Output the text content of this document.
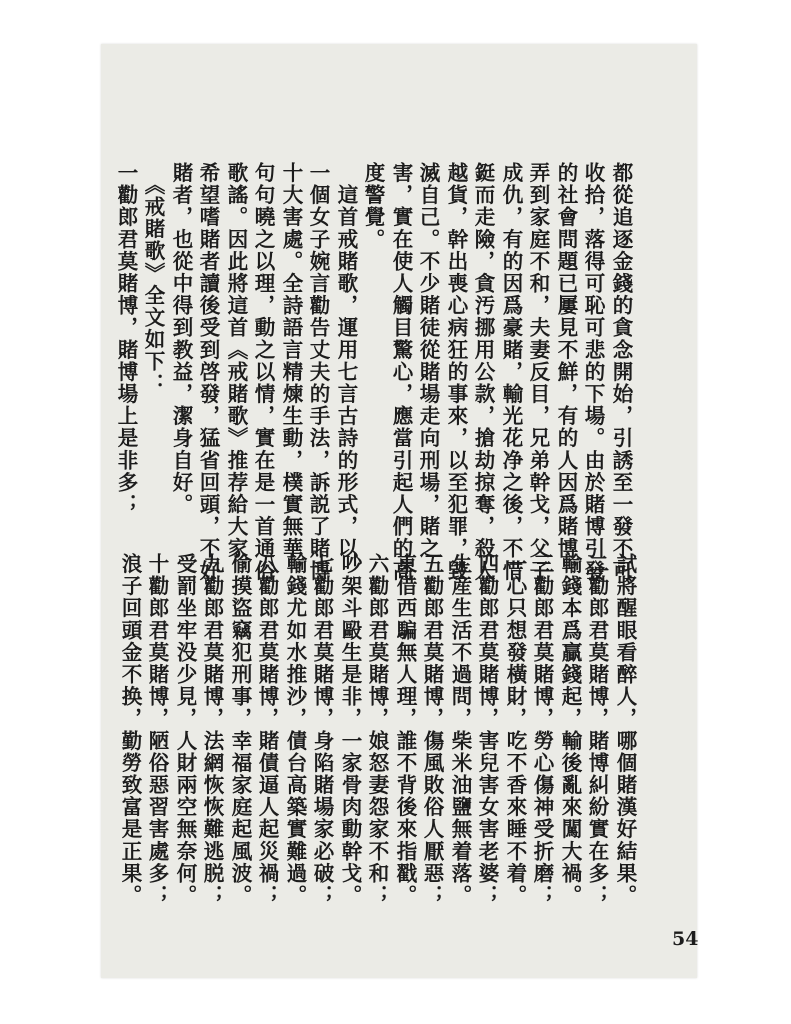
都從追逐金錢的貪念開始，引誘至一發不可
收拾，落得可恥可悲的下場。由於賭博引發
的社會問題已屢見不鮮，有的人因爲賭博，
弄到家庭不和，夫妻反目，兄弟幹戈，父子
成仇，有的因爲豪賭，輸光花净之後，不惜
鋌而走險，貪汚挪用公款，搶劫掠奪，殺人
越貨，幹出喪心病狂的事來，以至犯罪，毀
滅自己。不少賭徒從賭場走向刑場，賭之
害，實在使人觸目驚心，應當引起人們的高
度警覺。
　這首戒賭歌，運用七言古詩的形式，以
一個女子婉言勸告丈夫的手法，訴説了賭博
十大害處。全詩語言精煉生動，樸實無華，
句句曉之以理，動之以情，實在是一首通俗
歌謠。因此將這首《戒賭歌》推荐給大家，
希望嗜賭者讀後受到啓發，猛省回頭，不好
賭者，也從中得到教益，潔身自好。
　《戒賭歌》全文如下：
一勸郎君莫賭博，賭博場上是非多；
試將醒眼看醉人，哪個賭漢好結果。
二勸郎君莫賭博，賭博糾紛實在多；
輸錢本爲贏錢起，輸後亂來闖大禍。
三勸郎君莫賭博，勞心傷神受折磨；
一心只想發橫財，吃不香來睡不着。
四勸郎君莫賭博，害兒害女害老婆；
生産生活不過問，柴米油鹽無着落。
五勸郎君莫賭博，傷風敗俗人厭惡；
東借西騙無人理，誰不背後來指戳。
六勸郎君莫賭博，娘怒妻怨家不和；
吵架斗毆生是非，一家骨肉動幹戈。
七勸郎君莫賭博，身陷賭場家必破；
輸錢尤如水推沙，債台高築實難過。
八勸郎君莫賭博，賭債逼人起災禍；
偷摸盜竊犯刑事，幸福家庭起風波。
九勸郎君莫賭博，法網恢恢難逃脱；
受罰坐牢没少見，人財兩空無奈何。
十勸郎君莫賭博，陋俗惡習害處多；
浪子回頭金不换，勤勞致富是正果。
54
